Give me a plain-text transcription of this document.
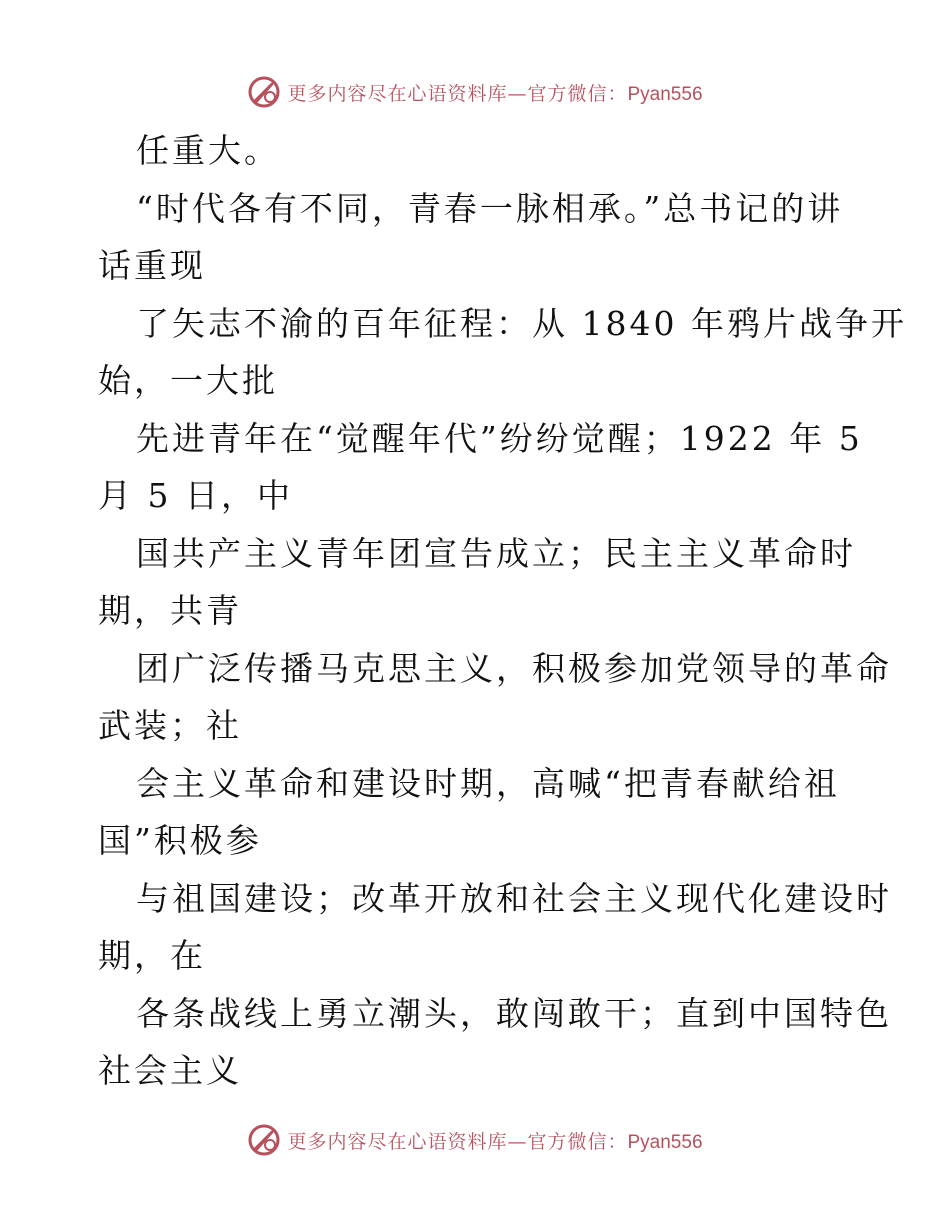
更多内容尽在心语资料库—官方微信：Pyan556
任重大。
“时代各有不同，青春一脉相承。”总书记的讲
话重现
了矢志不渝的百年征程：从 1840 年鸦片战争开
始，一大批
先进青年在“觉醒年代”纷纷觉醒；1922 年 5
月 5 日，中
国共产主义青年团宣告成立；民主主义革命时
期，共青
团广泛传播马克思主义，积极参加党领导的革命
武装；社
会主义革命和建设时期，高喊“把青春献给祖
国”积极参
与祖国建设；改革开放和社会主义现代化建设时
期，在
各条战线上勇立潮头，敢闯敢干；直到中国特色
社会主义
更多内容尽在心语资料库—官方微信：Pyan556
